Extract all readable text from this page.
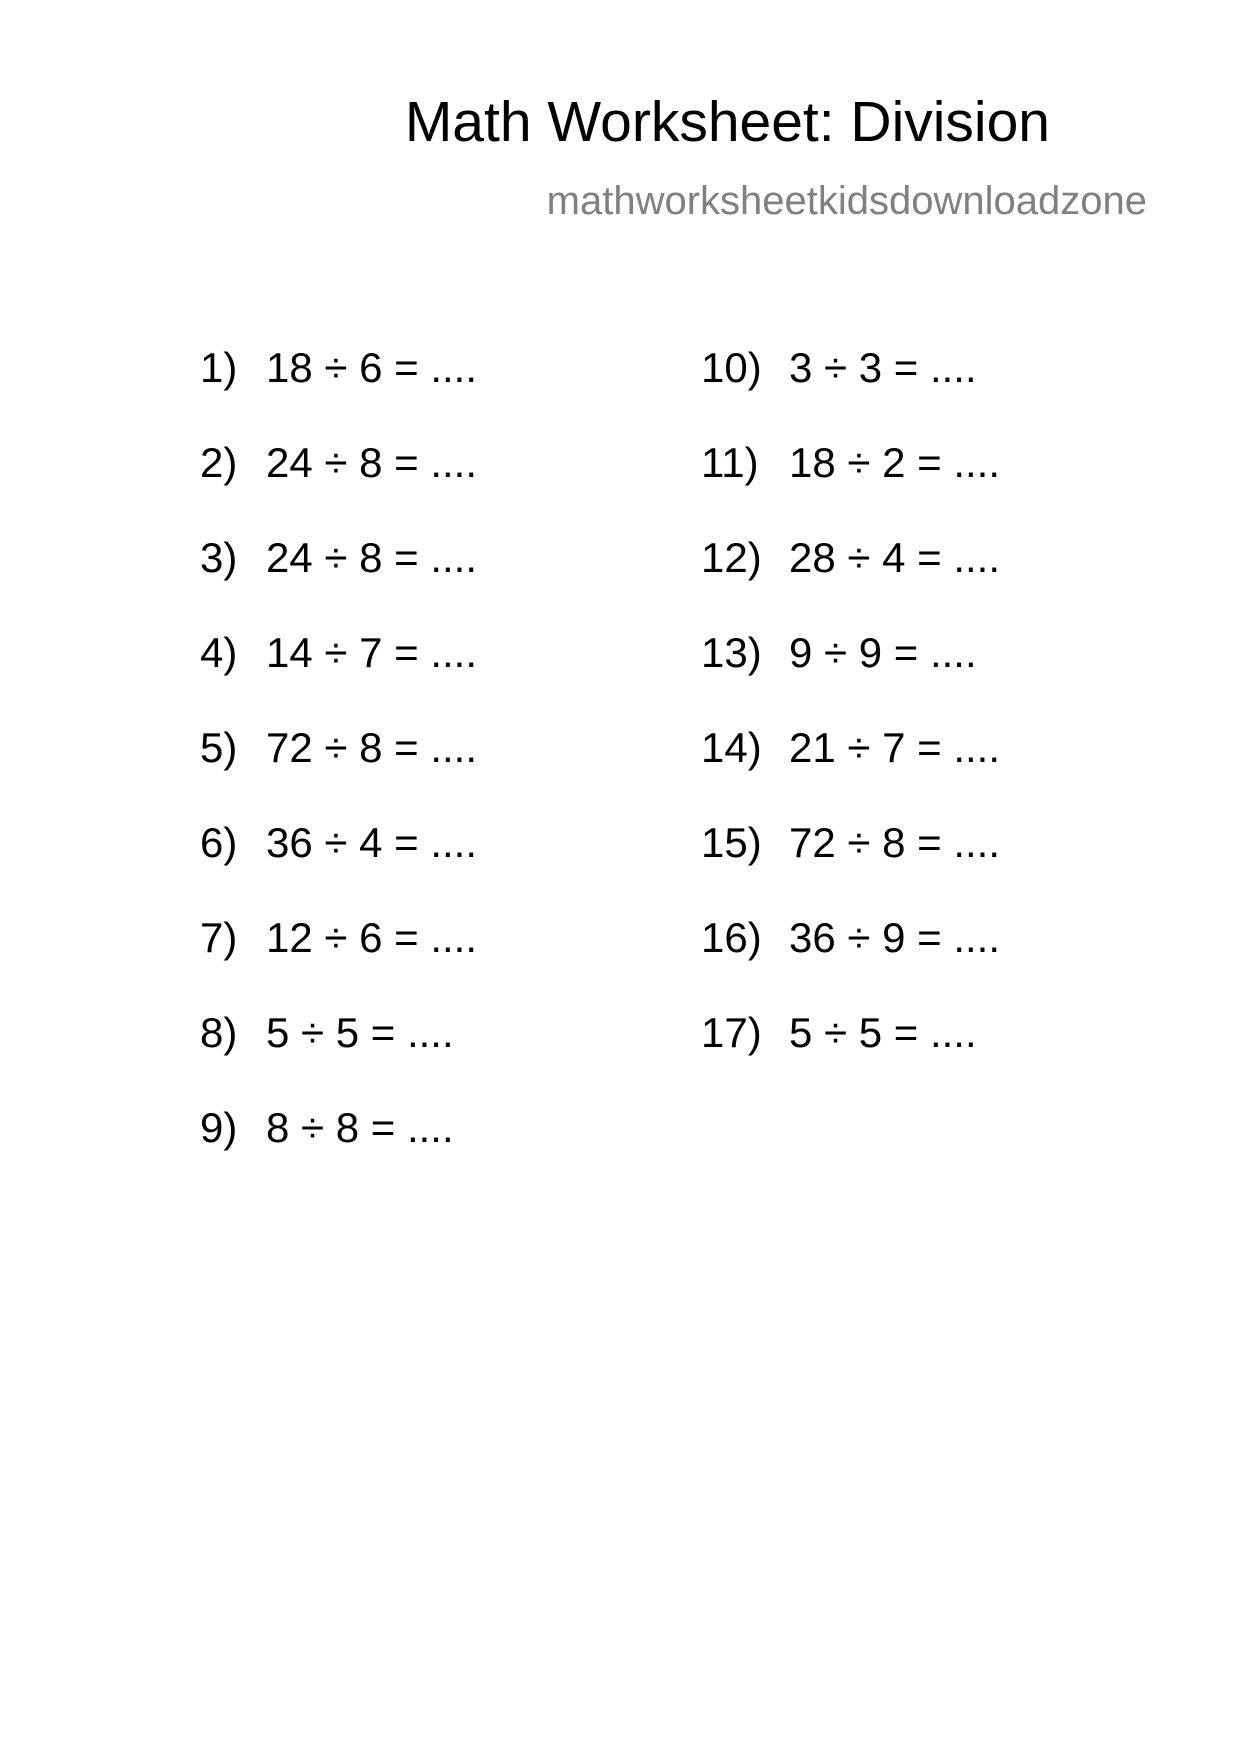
Math Worksheet: Division
mathworksheetkidsdownloadzone
1) 18 ÷ 6 = ....
2) 24 ÷ 8 = ....
3) 24 ÷ 8 = ....
4) 14 ÷ 7 = ....
5) 72 ÷ 8 = ....
6) 36 ÷ 4 = ....
7) 12 ÷ 6 = ....
8) 5 ÷ 5 = ....
9) 8 ÷ 8 = ....
10) 3 ÷ 3 = ....
11) 18 ÷ 2 = ....
12) 28 ÷ 4 = ....
13) 9 ÷ 9 = ....
14) 21 ÷ 7 = ....
15) 72 ÷ 8 = ....
16) 36 ÷ 9 = ....
17) 5 ÷ 5 = ....
